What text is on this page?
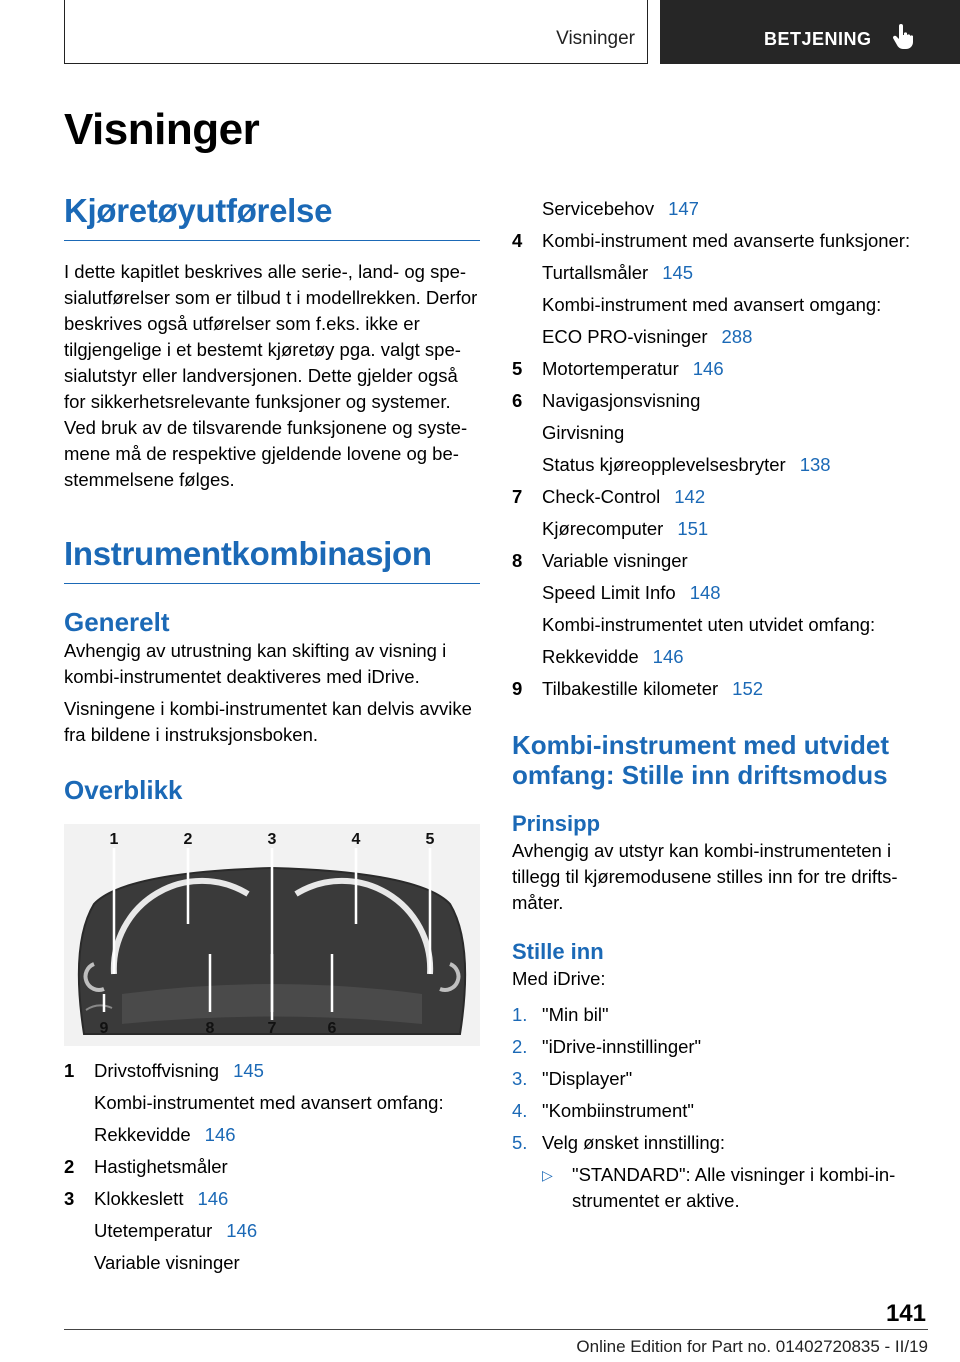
Visninger	BETJENING
Visninger
Kjøretøyutførelse

I dette kapitlet beskrives alle serie-, land- og spesialutførelser som er tilbud t i modellrekken. Derfor beskrives også utførelser som f.eks. ikke er tilgjengelige i et bestemt kjøretøy pga. valgt spesialutstyr eller landversjonen. Dette gjelder også for sikkerhetsrelevante funksjoner og systemer. Ved bruk av de tilsvarende funksjonene og systemene må de respektive gjeldende lovene og bestemmelsene følges.

Instrumentkombinasjon
Generelt

Avhengig av utrustning kan skifting av visning i kombi-instrumentet deaktiveres med iDrive.

Visningene i kombi-instrumentet kan delvis avvike fra bildene i instruksjonsboken.

Overblikk
1	2	3	4	5
6
7
8
9
1 Drivstoffvisning 145
Kombi-instrumentet med avansert omfang:
Rekkevidde 146
2 Hastighetsmåler
3 Klokkeslett 146
Utetemperatur 146
Variable visninger
Servicebehov 147
4 Kombi-instrument med avanserte funksjoner:
Turtallsmåler 145
Kombi-instrument med avansert omgang:
ECO PRO-visninger 288
5 Motortemperatur 146
6 Navigasjonsvisning
Girvisning
Status kjøreopplevelsesbryter 138
7 Check-Control 142
Kjørecomputer 151
8 Variable visninger
Speed Limit Info 148
Kombi-instrumentet uten utvidet omfang:
Rekkevidde 146
9 Tilbakestille kilometer 152
Kombi-instrument med utvidet omfang: Stille inn driftsmodus
Prinsipp

Avhengig av utstyr kan kombi-instrumenteten i tillegg til kjøremodusene stilles inn for tre driftsmåter.

Stille inn

Med iDrive:

1. "Min bil"
2. "iDrive-innstillinger"
3. "Displayer"
4. "Kombiinstrument"
5. Velg ønsket innstilling:
▷ "STANDARD": Alle visninger i kombi-instrumentet er aktive.
141
Online Edition for Part no. 01402720835 - II/19
